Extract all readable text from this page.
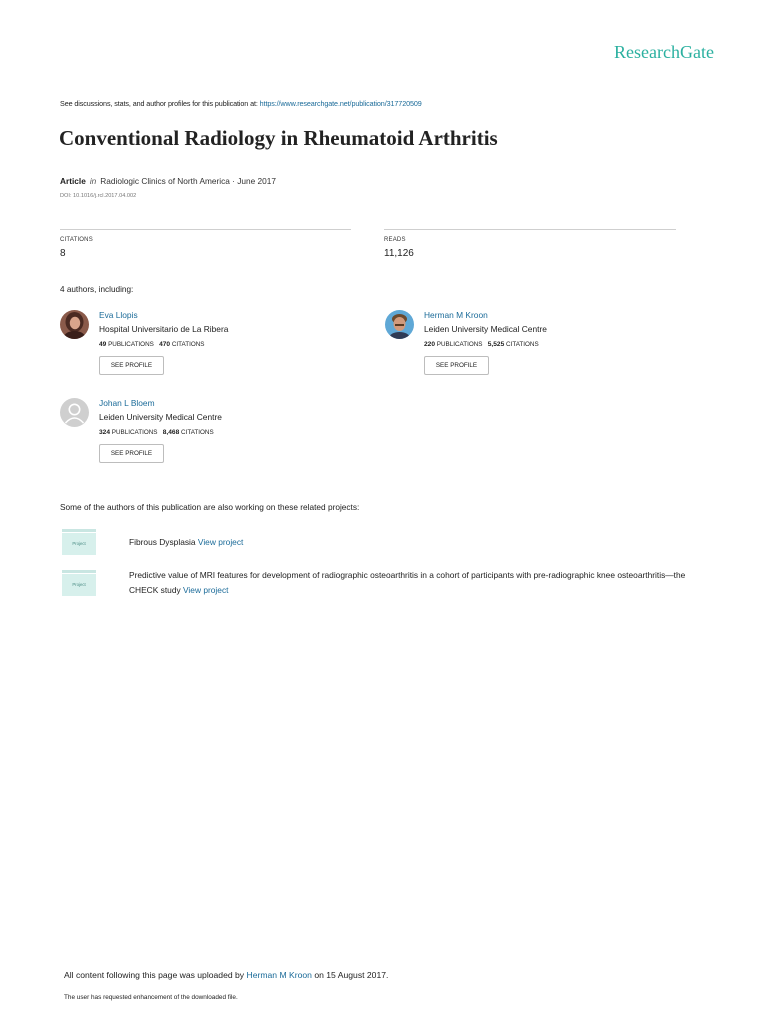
ResearchGate
See discussions, stats, and author profiles for this publication at: https://www.researchgate.net/publication/317720509
Conventional Radiology in Rheumatoid Arthritis
Article in Radiologic Clinics of North America · June 2017
DOI: 10.1016/j.rcl.2017.04.002
CITATIONS
8
READS
11,126
4 authors, including:
Eva Llopis
Hospital Universitario de La Ribera
49 PUBLICATIONS 470 CITATIONS
SEE PROFILE
Herman M Kroon
Leiden University Medical Centre
220 PUBLICATIONS 5,525 CITATIONS
SEE PROFILE
Johan L Bloem
Leiden University Medical Centre
324 PUBLICATIONS 8,468 CITATIONS
SEE PROFILE
Some of the authors of this publication are also working on these related projects:
Project	Fibrous Dysplasia View project
Project
Predictive value of MRI features for development of radiographic osteoarthritis in a cohort of participants with pre-radiographic knee osteoarthritis—the CHECK study View project
All content following this page was uploaded by Herman M Kroon on 15 August 2017.
The user has requested enhancement of the downloaded file.
